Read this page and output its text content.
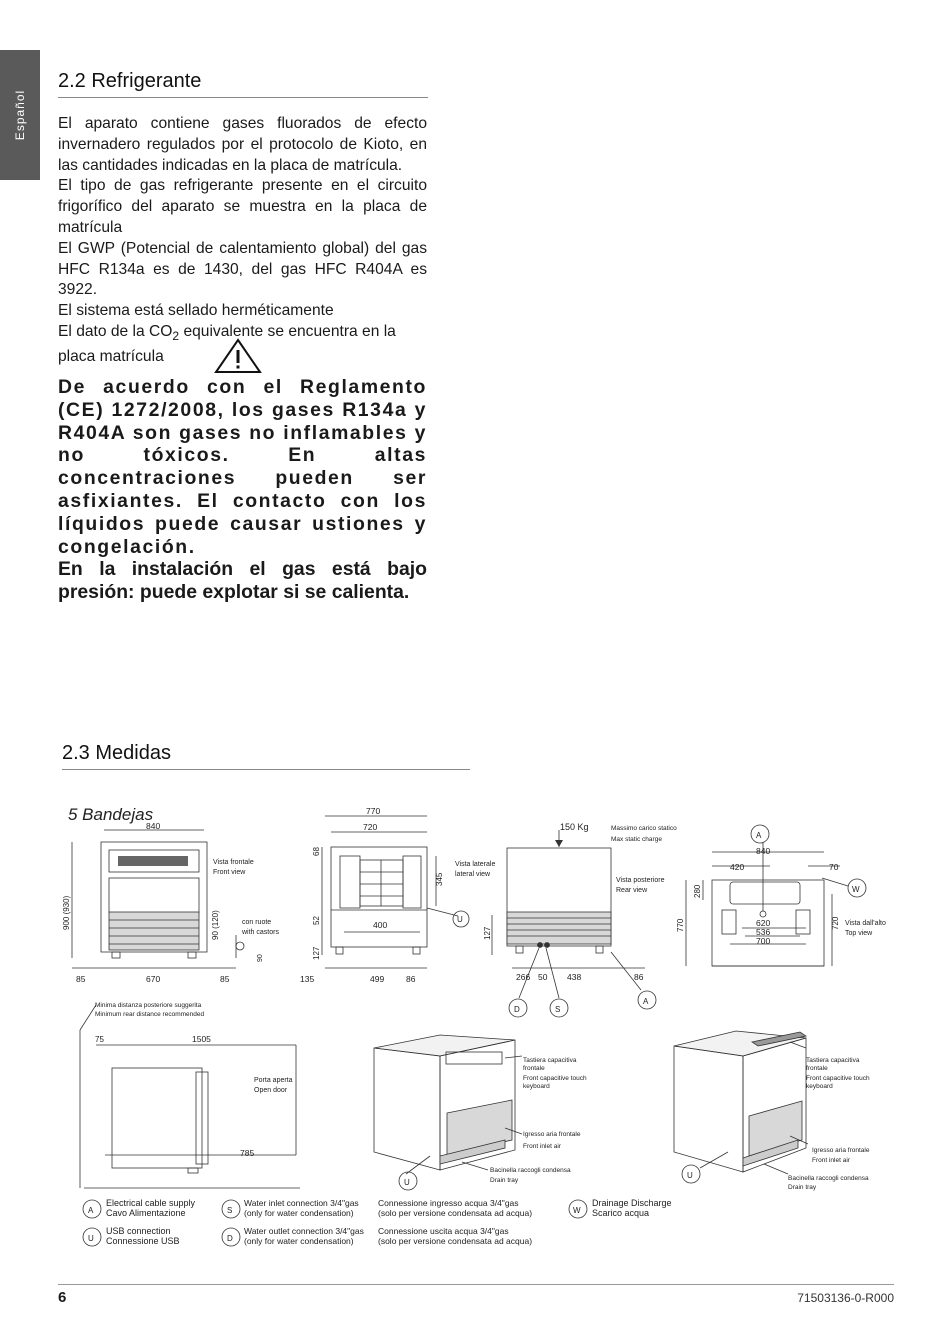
Español
2.2 Refrigerante

El aparato contiene gases fluorados de efecto invernadero regulados por el protocolo de Kioto, en las cantidades indicadas en la placa de matrícula.

El tipo de gas refrigerante presente en el circuito frigorífico del aparato se muestra en la placa de matrícula

El GWP (Potencial de calentamiento global) del gas HFC R134a es de 1430, del gas HFC R404A es 3922.

El sistema está sellado herméticamente

El dato de la $CO_2$ equivalente se encuentra en la placa matrícula

De acuerdo con el Reglamento (CE) 1272/2008, los gases R134a y R404A son gases no inflamables y no tóxicos. En altas concentraciones pueden ser asfixiantes. El contacto con los líquidos puede causar ustiones y congelación.

En la instalación el gas está bajo presión: puede explotar si se calienta.

2.3 Medidas
5 Bandejas
840
Vista frontale
Front view
900 (930)	90 (120)	con ruote
with castors
90
85	670	85
770
720
68
345
Vista laterale
lateral view
400
52
127
135	499	86
U
150 Kg	Massimo carico statico
Max static charge
Vista posteriore
Rear view
127
266 50 438	86
D	S
A
A
840
420	70
W
280
770	720
620
536
700
Vista dall'alto
Top view
Minima distanza posteriore suggerita
Minimum rear distance recommended
75	1505
Porta aperta
Open door
785
Tastiera capacitiva
frontale
Front capacitive touch
keyboard
Igresso aria frontale
Front inlet air
Bacinella raccogli condensa
Drain tray
U
Tastiera capacitiva
frontale
Front capacitive touch
keyboard
Igresso aria frontale
Front inlet air
Bacinella raccogli condensa
Drain tray
U
A
Electrical cable supply
Cavo Alimentazione
U
USB connection
Connessione USB
S
Water inlet connection 3/4"gas
(only for water condensation)
Connessione ingresso acqua 3/4"gas
(solo per versione condensata ad acqua)
D
Water outlet connection 3/4"gas
(only for water condensation)
Connessione uscita acqua 3/4"gas
(solo per versione condensata ad acqua)
W
Drainage Discharge
Scarico acqua
6	71503136-0-R000
